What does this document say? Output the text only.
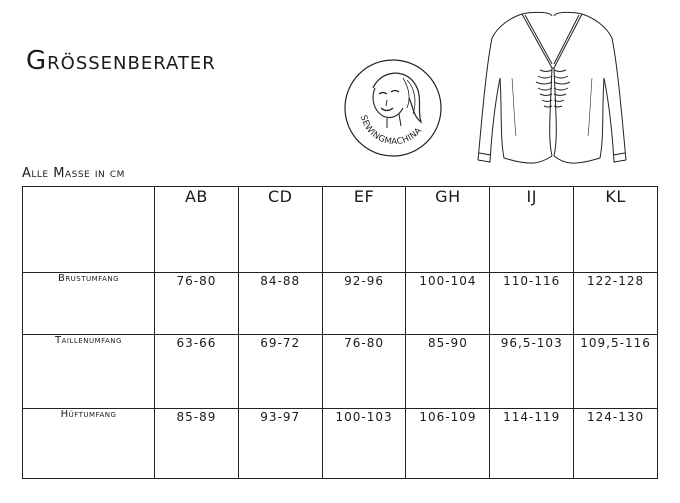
Grössenberater
SEWINGMACHINA
Alle Masse in cm
	AB	CD	EF	GH	IJ	KL
Brustumfang	76-80	84-88	92-96	100-104	110-116	122-128
Taillenumfang	63-66	69-72	76-80	85-90	96,5-103	109,5-116
Hüftumfang	85-89	93-97	100-103	106-109	114-119	124-130
